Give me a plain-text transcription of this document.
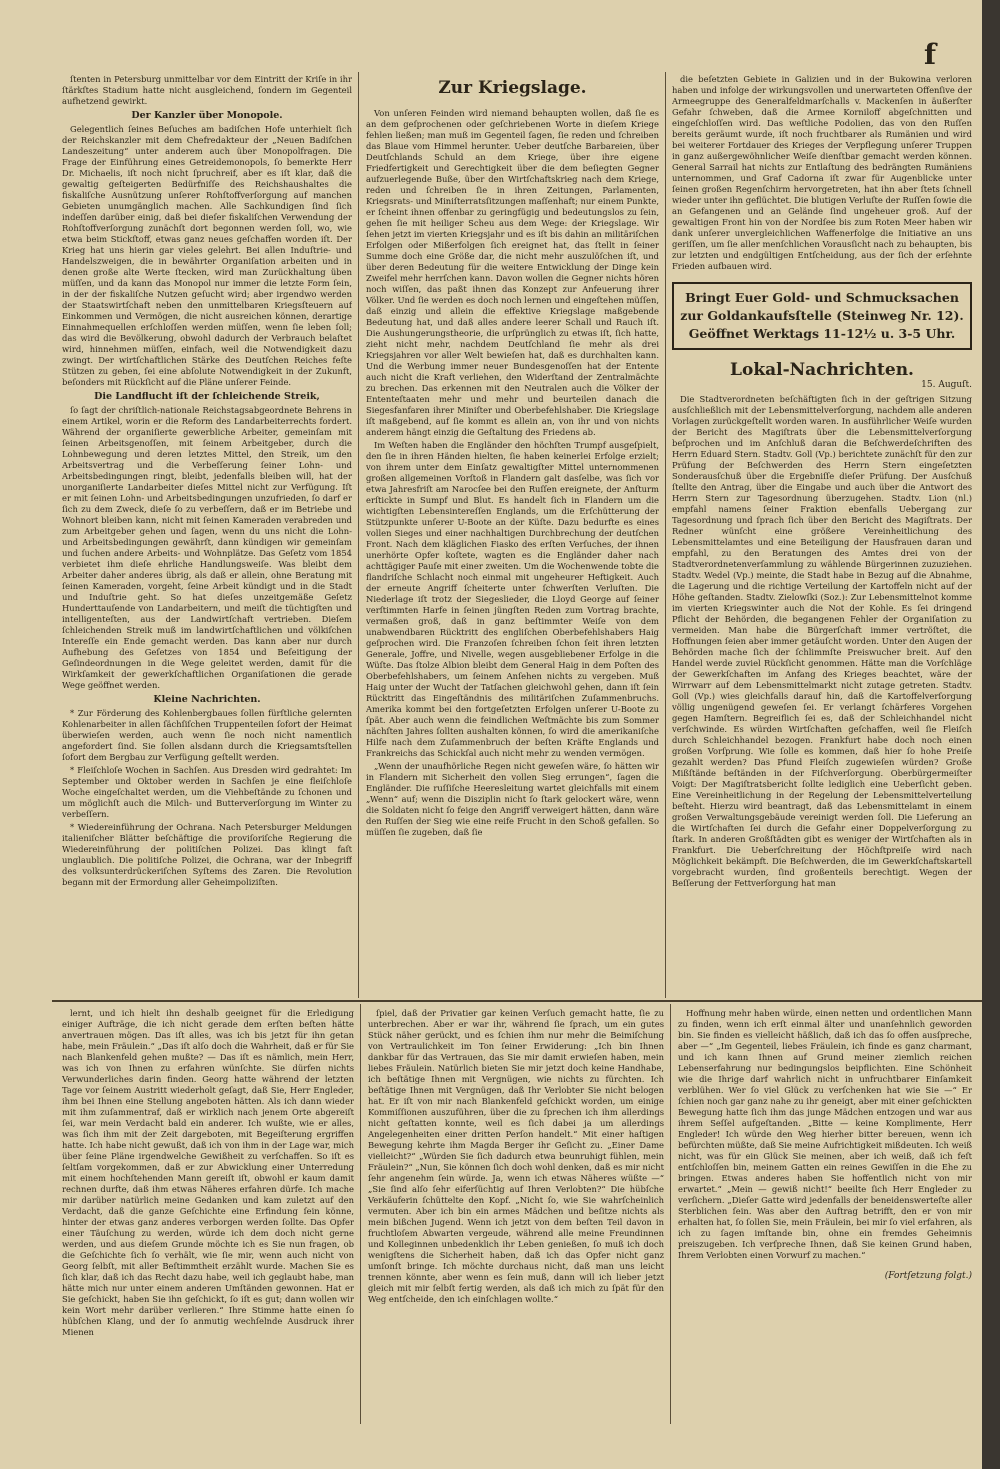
f

ſtenten in Petersburg unmittelbar vor dem Eintritt der Kriſe in ihr ſtärkſtes Stadium hatte nicht ausgleichend, ſondern im Gegenteil aufhetzend gewirkt.

Der Kanzler über Monopole.

Gelegentlich ſeines Beſuches am badiſchen Hofe unterhielt ſich der Reichskanzler mit dem Chefredakteur der „Neuen Badiſchen Landeszeitung“ unter anderem auch über Monopolfragen. Die Frage der Einführung eines Getreidemonopols, ſo bemerkte Herr Dr. Michaelis, iſt noch nicht ſpruchreif, aber es iſt klar, daß die gewaltig geſteigerten Bedürfniſſe des Reichshaushaltes die fiskaliſche Ausnützung unſerer Rohſtoffverſorgung auf manchen Gebieten unumgänglich machen. Alle Sachkundigen ſind ſich indeſſen darüber einig, daß bei dieſer fiskaliſchen Verwendung der Rohſtoffverſorgung zunächſt dort begonnen werden ſoll, wo, wie etwa beim Stickſtoff, etwas ganz neues geſchaffen worden iſt. Der Krieg hat uns hierin gar vieles gelehrt. Bei allen Induſtrie- und Handelszweigen, die in bewährter Organiſation arbeiten und in denen große alte Werte ſtecken, wird man Zurückhaltung üben müſſen, und da kann das Monopol nur immer die letzte Form ſein, in der der fiskaliſche Nutzen geſucht wird; aber irgendwo werden der Staatswirtſchaft neben den unmittelbaren Kriegsſteuern auf Einkommen und Vermögen, die nicht ausreichen können, derartige Einnahmequellen erſchloſſen werden müſſen, wenn ſie leben ſoll; das wird die Bevölkerung, obwohl dadurch der Verbrauch belaſtet wird, hinnehmen müſſen, einfach, weil die Notwendigkeit dazu zwingt. Der wirtſchaftlichen Stärke des Deutſchen Reiches feſte Stützen zu geben, ſei eine abſolute Notwendigkeit in der Zukunft, beſonders mit Rückſicht auf die Pläne unſerer Feinde.

Die Landflucht iſt der ſchleichende Streik,

ſo ſagt der chriſtlich-nationale Reichstagsabgeordnete Behrens in einem Artikel, worin er die Reform des Landarbeiterrechts fordert. Während der organiſierte gewerbliche Arbeiter, gemeinſam mit ſeinen Arbeitsgenoſſen, mit ſeinem Arbeitgeber, durch die Lohnbewegung und deren letztes Mittel, den Streik, um den Arbeitsvertrag und die Verbeſſerung ſeiner Lohn- und Arbeitsbedingungen ringt, bleibt, jedenfalls bleiben will, hat der unorganiſierte Landarbeiter dieſes Mittel nicht zur Verfügung. Iſt er mit ſeinen Lohn- und Arbeitsbedingungen unzufrieden, ſo darf er ſich zu dem Zweck, dieſe ſo zu verbeſſern, daß er im Betriebe und Wohnort bleiben kann, nicht mit ſeinen Kameraden verabreden und zum Arbeitgeber gehen und ſagen, wenn du uns nicht die Lohn- und Arbeitsbedingungen gewährſt, dann kündigen wir gemeinſam und ſuchen andere Arbeits- und Wohnplätze. Das Geſetz vom 1854 verbietet ihm dieſe ehrliche Handlungsweiſe. Was bleibt dem Arbeiter daher anderes übrig, als daß er allein, ohne Beratung mit ſeinen Kameraden, vorgeht, ſeine Arbeit kündigt und in die Stadt und Induſtrie geht. So hat dieſes unzeitgemäße Geſetz Hunderttauſende von Landarbeitern, und meiſt die tüchtigſten und intelligenteſten, aus der Landwirtſchaft vertrieben. Dieſem ſchleichenden Streik muß im landwirtſchaftlichen und völkiſchen Intereſſe ein Ende gemacht werden. Das kann aber nur durch Aufhebung des Geſetzes von 1854 und Beſeitigung der Geſindeordnungen in die Wege geleitet werden, damit für die Wirkſamkeit der gewerkſchaftlichen Organiſationen die gerade Wege geöffnet werden.

Kleine Nachrichten.

* Zur Förderung des Kohlenbergbaues ſollen fürſtliche gelernten Kohlenarbeiter in allen ſächſiſchen Truppenteilen ſofort der Heimat überwieſen werden, auch wenn ſie noch nicht namentlich angefordert ſind. Sie ſollen alsdann durch die Kriegsamtsſtellen ſofort dem Bergbau zur Verfügung geſtellt werden.

* Fleiſchloſe Wochen in Sachſen. Aus Dresden wird gedrahtet: Im September und Oktober werden in Sachſen je eine fleiſchloſe Woche eingeſchaltet werden, um die Viehbeſtände zu ſchonen und um möglichſt auch die Milch- und Butterverſorgung im Winter zu verbeſſern.

* Wiedereinführung der Ochrana. Nach Petersburger Meldungen italieniſcher Blätter beſchäftige die proviſoriſche Regierung die Wiedereinführung der politiſchen Polizei. Das klingt faſt unglaublich. Die politiſche Polizei, die Ochrana, war der Inbegriff des volksunterdrückeriſchen Syſtems des Zaren. Die Revolution begann mit der Ermordung aller Geheimpoliziſten.

Zur Kriegslage.

Von unſeren Feinden wird niemand behaupten wollen, daß ſie es an dem geſprochenen oder geſchriebenen Worte in dieſem Kriege fehlen ließen; man muß im Gegenteil ſagen, ſie reden und ſchreiben das Blaue vom Himmel herunter. Ueber deutſche Barbareien, über Deutſchlands Schuld an dem Kriege, über ihre eigene Friedfertigkeit und Gerechtigkeit über die dem beſiegten Gegner aufzuerlegende Buße, über den Wirtſchaftskrieg nach dem Kriege, reden und ſchreiben ſie in ihren Zeitungen, Parlamenten, Kriegsrats- und Miniſterratsſitzungen maſſenhaft; nur einem Punkte, er ſcheint ihnen offenbar zu geringfügig und bedeutungslos zu ſein, gehen ſie mit heiliger Scheu aus dem Wege: der Kriegslage. Wir ſehen jetzt im vierten Kriegsjahr und es iſt bis dahin an militäriſchen Erfolgen oder Mißerfolgen ſich ereignet hat, das ſtellt in ſeiner Summe doch eine Größe dar, die nicht mehr auszulöſchen iſt, und über deren Bedeutung für die weitere Entwicklung der Dinge kein Zweifel mehr herrſchen kann. Davon wollen die Gegner nichts hören noch wiſſen, das paßt ihnen das Konzept zur Anfeuerung ihrer Völker. Und ſie werden es doch noch lernen und eingeſtehen müſſen, daß einzig und allein die effektive Kriegslage maßgebende Bedeutung hat, und daß alles andere leerer Schall und Rauch iſt. Die Aushungerungstheorie, die urſprünglich zu etwas iſt, ſich hatte, zieht nicht mehr, nachdem Deutſchland ſie mehr als drei Kriegsjahren vor aller Welt bewieſen hat, daß es durchhalten kann. Und die Werbung immer neuer Bundesgenoſſen hat der Entente auch nicht die Kraft verliehen, den Widerſtand der Zentralmächte zu brechen. Das erkennen mit den Neutralen auch die Völker der Ententeſtaaten mehr und mehr und beurteilen danach die Siegesfanfaren ihrer Miniſter und Oberbefehlshaber. Die Kriegslage iſt maßgebend, auf ſie kommt es allein an, von ihr und von nichts anderem hängt einzig die Geſtaltung des Friedens ab.

Im Weſten haben die Engländer den höchſten Trumpf ausgeſpielt, den ſie in ihren Händen hielten, ſie haben keinerlei Erfolge erzielt; von ihrem unter dem Einſatz gewaltigſter Mittel unternommenen großen allgemeinen Vorſtoß in Flandern galt dasſelbe, was ſich vor etwa Jahresfriſt am Narocſee bei den Ruſſen ereignete, der Anſturm erſtickte in Sumpf und Blut. Es handelt ſich in Flandern um die wichtigſten Lebensintereſſen Englands, um die Erſchütterung der Stützpunkte unſerer U-Boote an der Küſte. Dazu bedurfte es eines vollen Sieges und einer nachhaltigen Durchbrechung der deutſchen Front. Nach dem kläglichen Fiasko des erſten Verſuches, der ihnen unerhörte Opfer koſtete, wagten es die Engländer daher nach achttägiger Pauſe mit einer zweiten. Um die Wochenwende tobte die flandriſche Schlacht noch einmal mit ungeheurer Heftigkeit. Auch der erneute Angriff ſcheiterte unter ſchwerſten Verluſten. Die Niederlage iſt trotz der Siegeslieder, die Lloyd George auf ſeiner verſtimmten Harfe in ſeinen jüngſten Reden zum Vortrag brachte, vermaßen groß, daß in ganz beſtimmter Weiſe von dem unabwendbaren Rücktritt des engliſchen Oberbefehlshabers Haig geſprochen wird. Die Franzoſen ſchreiben ſchon ſeit ihren letzten Generale, Joffre, und Nivelle, wegen ausgebliebener Erfolge in die Wüſte. Das ſtolze Albion bleibt dem General Haig in dem Poſten des Oberbefehlshabers, um ſeinem Anſehen nichts zu vergeben. Muß Haig unter der Wucht der Tatſachen gleichwohl gehen, dann iſt ſein Rücktritt das Eingeſtändnis des militäriſchen Zuſammenbruchs. Amerika kommt bei den fortgeſetzten Erfolgen unſerer U-Boote zu ſpät. Aber auch wenn die feindlichen Weſtmächte bis zum Sommer nächſten Jahres ſollten aushalten können, ſo wird die amerikaniſche Hilfe nach dem Zuſammenbruch der beſten Kräfte Englands und Frankreichs das Schickſal auch nicht mehr zu wenden vermögen.

„Wenn der unaufhörliche Regen nicht geweſen wäre, ſo hätten wir in Flandern mit Sicherheit den vollen Sieg errungen“, ſagen die Engländer. Die ruſſiſche Heeresleitung wartet gleichfalls mit einem „Wenn“ auf; wenn die Disziplin nicht ſo ſtark gelockert wäre, wenn die Soldaten nicht ſo feige den Angriff verweigert hätten, dann wäre den Ruſſen der Sieg wie eine reife Frucht in den Schoß gefallen. So müſſen ſie zugeben, daß ſie

die beſetzten Gebiete in Galizien und in der Bukowina verloren haben und infolge der wirkungsvollen und unerwarteten Offenſive der Armeegruppe des Generalfeldmarſchalls v. Mackenſen in äußerſter Gefahr ſchweben, daß die Armee Korniloff abgeſchnitten und eingeſchloſſen wird. Das weſtliche Podolien, das von den Ruſſen bereits geräumt wurde, iſt noch fruchtbarer als Rumänien und wird bei weiterer Fortdauer des Krieges der Verpflegung unſerer Truppen in ganz außergewöhnlicher Weiſe dienſtbar gemacht werden können. General Sarrail hat nichts zur Entlaſtung des bedrängten Rumäniens unternommen, und Graf Cadorna iſt zwar für Augenblicke unter ſeinen großen Regenſchirm hervorgetreten, hat ihn aber ſtets ſchnell wieder unter ihn geflüchtet. Die blutigen Verluſte der Ruſſen ſowie die an Gefangenen und an Gelände ſind ungeheuer groß. Auf der gewaltigen Front hin von der Nordſee bis zum Roten Meer haben wir dank unſerer unvergleichlichen Waffenerfolge die Initiative an uns geriſſen, um ſie aller menſchlichen Vorausſicht nach zu behaupten, bis zur letzten und endgültigen Entſcheidung, aus der ſich der erſehnte Frieden aufbauen wird.

Bringt Euer Gold- und Schmucksachen
zur Goldankaufsſtelle (Steinweg Nr. 12).
Geöffnet Werktags 11-12½ u. 3-5 Uhr.
Lokal-Nachrichten.
15. Auguſt.

Die Stadtverordneten beſchäftigten ſich in der geſtrigen Sitzung ausſchließlich mit der Lebensmittelverſorgung, nachdem alle anderen Vorlagen zurückgeſtellt worden waren. In ausführlicher Weiſe wurden der Bericht des Magiſtrats über die Lebensmittelverſorgung beſprochen und im Anſchluß daran die Beſchwerdeſchriften des Herrn Eduard Stern. Stadtv. Goll (Vp.) berichtete zunächſt für den zur Prüfung der Beſchwerden des Herrn Stern eingeſetzten Sonderausſchuß über die Ergebniſſe dieſer Prüfung. Der Ausſchuß ſtellte den Antrag, über die Eingabe und auch über die Antwort des Herrn Stern zur Tagesordnung überzugehen. Stadtv. Lion (nl.) empfahl namens ſeiner Fraktion ebenfalls Uebergang zur Tagesordnung und ſprach ſich über den Bericht des Magiſtrats. Der Redner wünſcht eine größere Vereinheitlichung des Lebensmittelamtes und eine Beteiligung der Hausfrauen daran und empfahl, zu den Beratungen des Amtes drei von der Stadtverordnetenverſammlung zu wählende Bürgerinnen zuzuziehen. Stadtv. Wedel (Vp.) meinte, die Stadt habe in Bezug auf die Abnahme, die Lagerung und die richtige Verteilung der Kartoffeln nicht auf der Höhe geſtanden. Stadtv. Zielowſki (Soz.): Zur Lebensmittelnot komme im vierten Kriegswinter auch die Not der Kohle. Es ſei dringend Pflicht der Behörden, die begangenen Fehler der Organiſation zu vermeiden. Man habe die Bürgerſchaft immer vertröſtet, die Hoffnungen ſeien aber immer getäuſcht worden. Unter den Augen der Behörden mache ſich der ſchlimmſte Preiswucher breit. Auf den Handel werde zuviel Rückſicht genommen. Hätte man die Vorſchläge der Gewerkſchaften im Anfang des Krieges beachtet, wäre der Wirrwarr auf dem Lebensmittelmarkt nicht zutage getreten. Stadtv. Goll (Vp.) wies gleichfalls darauf hin, daß die Kartoffelverſorgung völlig ungenügend geweſen ſei. Er verlangt ſchärferes Vorgehen gegen Hamſtern. Begreiflich ſei es, daß der Schleichhandel nicht verſchwinde. Es würden Wirtſchaften geſchaffen, weil ſie Fleiſch durch Schleichhandel bezogen. Frankfurt habe doch noch einen großen Vorſprung. Wie ſolle es kommen, daß hier ſo hohe Preiſe gezahlt werden? Das Pfund Fleiſch zugewieſen würden? Große Mißſtände beſtänden in der Fiſchverſorgung. Oberbürgermeiſter Voigt: Der Magiſtratsbericht ſollte lediglich eine Ueberſicht geben. Eine Vereinheitlichung in der Regelung der Lebensmittelverteilung beſteht. Hierzu wird beantragt, daß das Lebensmittelamt in einem großen Verwaltungsgebäude vereinigt werden ſoll. Die Lieferung an die Wirtſchaften ſei durch die Gefahr einer Doppelverſorgung zu ſtark. In anderen Großſtädten gibt es weniger der Wirtſchaften als in Frankfurt. Die Ueberſchreitung der Höchſtpreiſe wird nach Möglichkeit bekämpft. Die Beſchwerden, die im Gewerkſchaftskartell vorgebracht wurden, ſind großenteils berechtigt. Wegen der Beſſerung der Fettverſorgung hat man

lernt, und ich hielt ihn deshalb geeignet für die Erledigung einiger Aufträge, die ich nicht gerade dem erſten beſten hätte anvertrauen mögen. Das iſt alles, was ich bis jetzt für ihn getan habe, mein Fräulein.“ „Das iſt alſo doch die Wahrheit, daß er für Sie nach Blankenfeld gehen mußte? — Das iſt es nämlich, mein Herr, was ich von Ihnen zu erfahren wünſchte. Sie dürfen nichts Verwunderliches darin finden. Georg hatte während der letzten Tage vor ſeinem Austritt wiederholt geſagt, daß Sie, Herr Engleder, ihm bei Ihnen eine Stellung angeboten hätten. Als ich dann wieder mit ihm zuſammentraf, daß er wirklich nach jenem Orte abgereiſt ſei, war mein Verdacht bald ein anderer. Ich wußte, wie er alles, was ſich ihm mit der Zeit dargeboten, mit Begeiſterung ergriffen hatte. Ich habe nicht gewußt, daß ich von ihm in der Lage war, mich über ſeine Pläne irgendwelche Gewißheit zu verſchaffen. So iſt es ſeltſam vorgekommen, daß er zur Abwicklung einer Unterredung mit einem hochſtehenden Mann gereiſt iſt, obwohl er kaum damit rechnen durfte, daß ihm etwas Näheres erfahren dürfe. Ich mache mir darüber natürlich meine Gedanken und kam zuletzt auf den Verdacht, daß die ganze Geſchichte eine Erfindung ſein könne, hinter der etwas ganz anderes verborgen werden ſollte. Das Opfer einer Täuſchung zu werden, würde ich dem doch nicht gerne werden, und aus dieſem Grunde möchte ich es Sie nun fragen, ob die Geſchichte ſich ſo verhält, wie ſie mir, wenn auch nicht von Georg ſelbſt, mit aller Beſtimmtheit erzählt wurde. Machen Sie es ſich klar, daß ich das Recht dazu habe, weil ich geglaubt habe, man hätte mich nur unter einem anderen Umſtänden gewonnen. Hat er Sie geſchickt, haben Sie ihn geſchickt, ſo iſt es gut; dann wollen wir kein Wort mehr darüber verlieren.“ Ihre Stimme hatte einen ſo hübſchen Klang, und der ſo anmutig wechſelnde Ausdruck ihrer Mienen

ſpiel, daß der Privatier gar keinen Verſuch gemacht hatte, ſie zu unterbrechen. Aber er war ihr, während ſie ſprach, um ein gutes Stück näher gerückt, und es ſchien ihm nur mehr die Beimiſchung von Vertraulichkeit im Ton ſeiner Erwiderung: „Ich bin Ihnen dankbar für das Vertrauen, das Sie mir damit erwieſen haben, mein liebes Fräulein. Natürlich bieten Sie mir jetzt doch keine Handhabe, ich beſtätige Ihnen mit Vergnügen, wie nichts zu fürchten. Ich beſtätige Ihnen mit Vergnügen, daß Ihr Verlobter Sie nicht belogen hat. Er iſt von mir nach Blankenfeld geſchickt worden, um einige Kommiſſionen auszuführen, über die zu ſprechen ich ihm allerdings nicht geſtatten konnte, weil es ſich dabei ja um allerdings Angelegenheiten einer dritten Perſon handelt.“ Mit einer haſtigen Bewegung kehrte ihm Magda Berger ihr Geſicht zu. „Einer Dame vielleicht?“ „Würden Sie ſich dadurch etwa beunruhigt fühlen, mein Fräulein?“ „Nun, Sie können ſich doch wohl denken, daß es mir nicht ſehr angenehm ſein würde. Ja, wenn ich etwas Näheres wüßte —“ „Sie ſind alſo ſehr eiferſüchtig auf Ihren Verlobten?“ Die hübſche Verkäuferin ſchüttelte den Kopf. „Nicht ſo, wie Sie wahrſcheinlich vermuten. Aber ich bin ein armes Mädchen und beſitze nichts als mein bißchen Jugend. Wenn ich jetzt von dem beſten Teil davon in fruchtloſem Abwarten vergeude, während alle meine Freundinnen und Kolleginnen unbedenklich ihr Leben genießen, ſo muß ich doch wenigſtens die Sicherheit haben, daß ich das Opfer nicht ganz umſonſt bringe. Ich möchte durchaus nicht, daß man uns leicht trennen könnte, aber wenn es ſein muß, dann will ich lieber jetzt gleich mit mir ſelbſt fertig werden, als daß ich mich zu ſpät für den Weg entſcheide, den ich einſchlagen wollte.“

Hoffnung mehr haben würde, einen netten und ordentlichen Mann zu finden, wenn ich erſt einmal älter und unanſehnlich geworden bin. Sie finden es vielleicht häßlich, daß ich das ſo offen ausſpreche, aber —“ „Im Gegenteil, liebes Fräulein, ich finde es ganz charmant, und ich kann Ihnen auf Grund meiner ziemlich reichen Lebenserfahrung nur bedingungslos beipflichten. Eine Schönheit wie die Ihrige darf wahrlich nicht in unfruchtbarer Einſamkeit verblühen. Wer ſo viel Glück zu verſchenken hat wie Sie —“ Er ſchien noch gar ganz nahe zu ihr geneigt, aber mit einer geſchickten Bewegung hatte ſich ihm das junge Mädchen entzogen und war aus ihrem Seſſel aufgeſtanden. „Bitte — keine Komplimente, Herr Engleder! Ich würde den Weg hierher bitter bereuen, wenn ich befürchten müßte, daß Sie meine Aufrichtigkeit mißdeuten. Ich weiß nicht, was für ein Glück Sie meinen, aber ich weiß, daß ich feſt entſchloſſen bin, meinem Gatten ein reines Gewiſſen in die Ehe zu bringen. Etwas anderes haben Sie hoffentlich nicht von mir erwartet.“ „Mein — gewiß nicht!“ beeilte ſich Herr Engleder zu verſichern. „Dieſer Gatte wird jedenfalls der beneidenswerteſte aller Sterblichen ſein. Was aber den Auftrag betrifft, den er von mir erhalten hat, ſo ſollen Sie, mein Fräulein, bei mir ſo viel erfahren, als ich zu ſagen imſtande bin, ohne ein fremdes Geheimnis preiszugeben. Ich verſpreche Ihnen, daß Sie keinen Grund haben, Ihrem Verlobten einen Vorwurf zu machen.“

(Fortſetzung folgt.)
